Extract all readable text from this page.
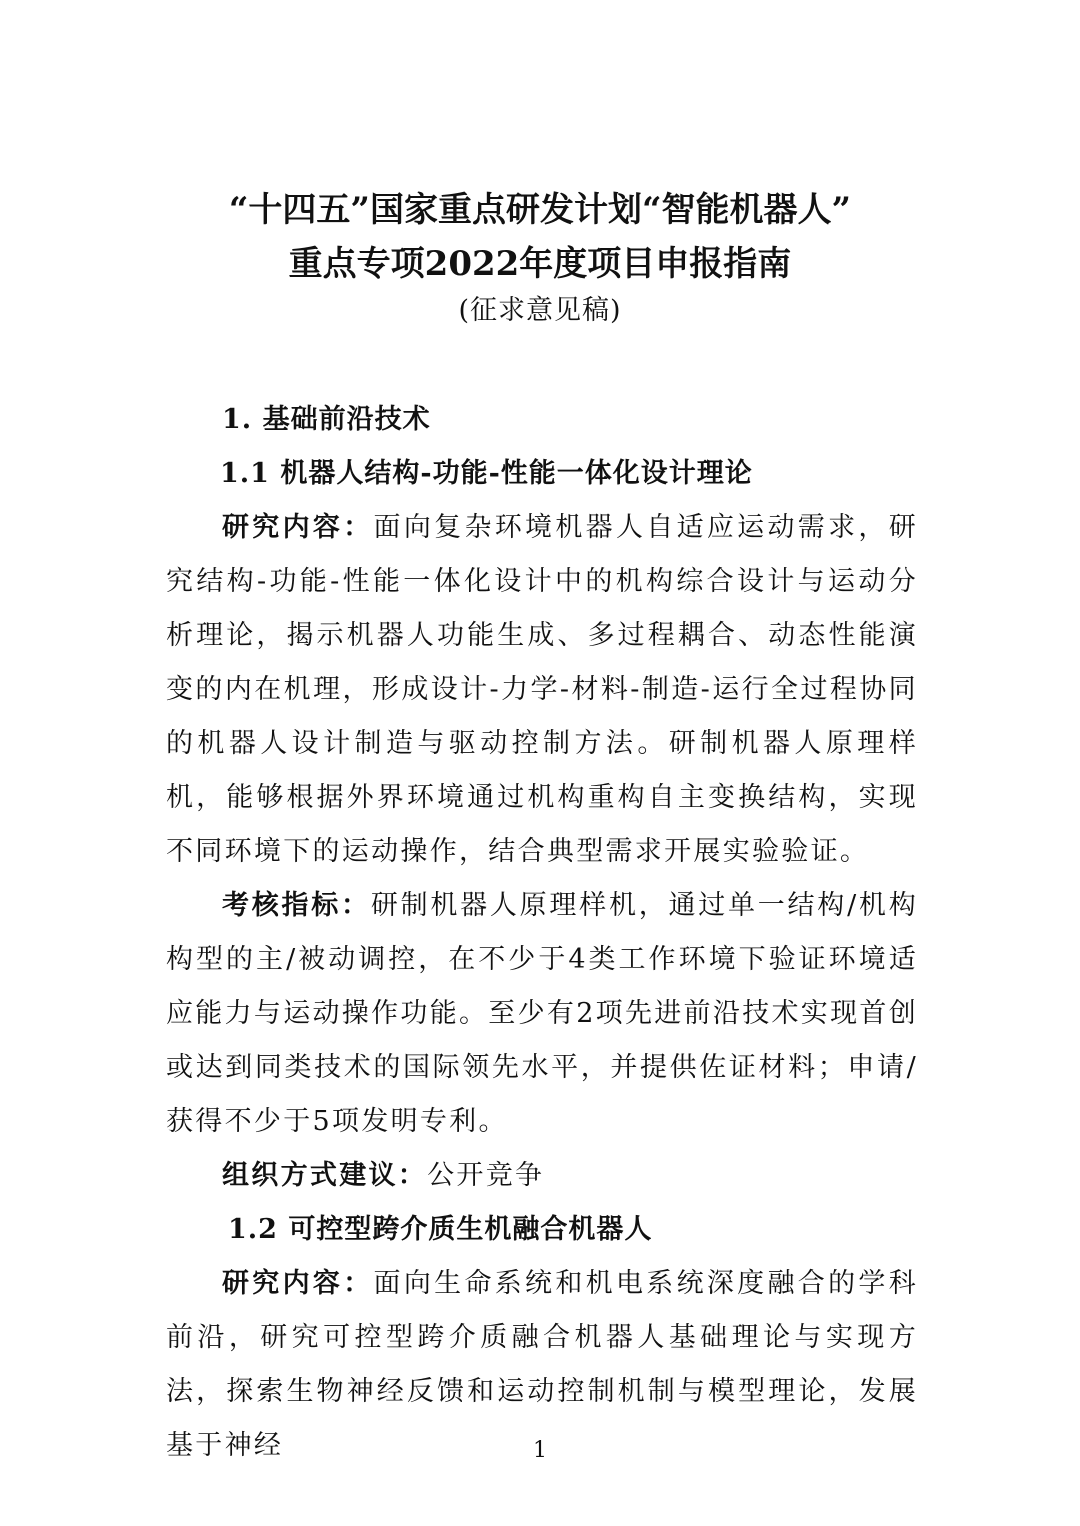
“十四五”国家重点研发计划“智能机器人”
重点专项2022年度项目申报指南
(征求意见稿)
1. 基础前沿技术
1.1 机器人结构-功能-性能一体化设计理论
研究内容：面向复杂环境机器人自适应运动需求，研究结构-功能-性能一体化设计中的机构综合设计与运动分析理论，揭示机器人功能生成、多过程耦合、动态性能演变的内在机理，形成设计-力学-材料-制造-运行全过程协同的机器人设计制造与驱动控制方法。研制机器人原理样机，能够根据外界环境通过机构重构自主变换结构，实现不同环境下的运动操作，结合典型需求开展实验验证。
考核指标：研制机器人原理样机，通过单一结构/机构构型的主/被动调控，在不少于4类工作环境下验证环境适应能力与运动操作功能。至少有2项先进前沿技术实现首创或达到同类技术的国际领先水平，并提供佐证材料；申请/获得不少于5项发明专利。
组织方式建议：公开竞争
1.2 可控型跨介质生机融合机器人
研究内容：面向生命系统和机电系统深度融合的学科前沿，研究可控型跨介质融合机器人基础理论与实现方法，探索生物神经反馈和运动控制机制与模型理论，发展基于神经	1
